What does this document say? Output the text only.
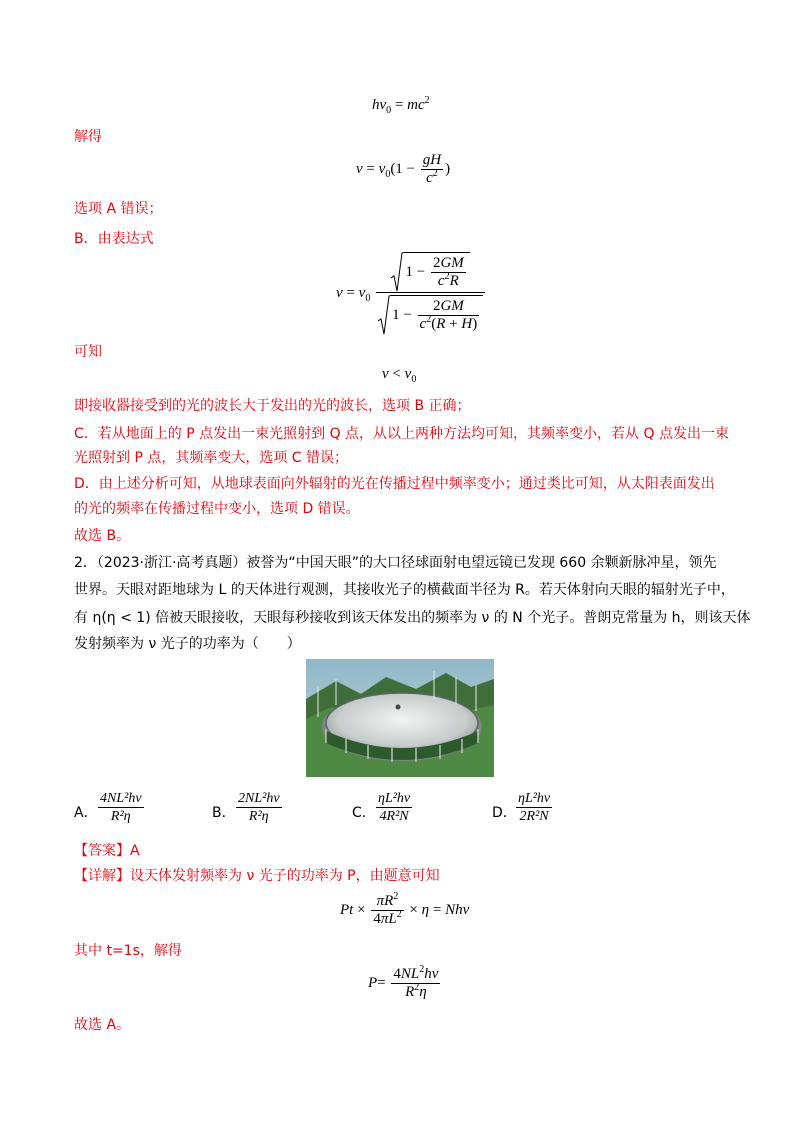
$h\nu_0 = mc^2$
解得
$\nu = \nu_0(1 - \frac{gH}{c^2}$ )
选项 A 错误；
B．由表达式
$\nu = \nu_0 \frac{1 - \frac{2GM}{c^2R}}{1 - \frac{2GM}{c^2(R + H)}}$
可知
$\nu < \nu_0$
即接收器接受到的光的波长大于发出的光的波长，选项 B 正确；
C．若从地面上的 P 点发出一束光照射到 Q 点，从以上两种方法均可知，其频率变小，若从 Q 点发出一束
光照射到 P 点，其频率变大，选项 C 错误；
D．由上述分析可知，从地球表面向外辐射的光在传播过程中频率变小；通过类比可知，从太阳表面发出
的光的频率在传播过程中变小，选项 D 错误。
故选 B。
2．（2023·浙江·高考真题）被誉为“中国天眼”的大口径球面射电望远镜已发现 660 余颗新脉冲星，领先
世界。天眼对距地球为 L 的天体进行观测，其接收光子的横截面半径为 R。若天体射向天眼的辐射光子中，
有 η(η < 1) 倍被天眼接收，天眼每秒接收到该天体发出的频率为 ν 的 N 个光子。普朗克常量为 h，则该天体
发射频率为 ν 光子的功率为（　　）
A． $\frac{\text{4NL²hν}}{\text{R²η}}$	B． $\frac{\text{2NL²hν}}{\text{R²η}}$	C． $\frac{\text{ηL²hν}}{\text{4R²N}}$	D． $\frac{\text{ηL²hν}}{\text{2R²N}}$
【答案】A
【详解】设天体发射频率为 ν 光子的功率为 P，由题意可知
$Pt \times \frac{\pi R^2}{4\pi L^2} \times \eta = Nh\nu$
其中 t=1s，解得
$P= \frac{4NL^2h\nu}{R^2\eta}$
故选 A。
